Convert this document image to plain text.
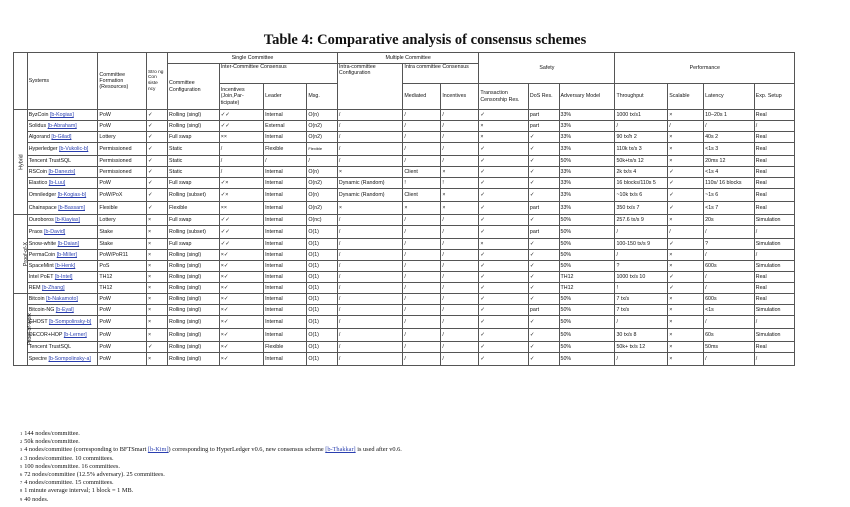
Table 4: Comparative analysis of consensus schemes
	Systems	Committee Formation (Resources)	Stro ng Con siste ncy	Single Committee				Multiple Committee			Safety			Performance			
				Committee Configuration	Inter-Committee Consensus			Intra-committee Configuration	Intra committee Consensus								
					Incentives (Join,Par- ticipate)	Leader	Msg.		Mediated	Incentives	Transaction Censorship Res.	DoS Res.	Adversary Model	Throughput	Scalable	Latency	Exp. Setup
Hybrid	ByzCoin [b-Kogias]	PoW	✓	Rolling (singl)	✓✓	Internal	O(n)	/	/	/	✓	part	33%	1000 tx/s1	×	10–20s 1	Real
	Solidus [b-Abraham]	PoW	✓	Rolling (singl)	✓✓	External	O(n2)	/	/	/	×	part	33%	/	/	/	/
	Algorand [b-Gilad]	Lottery	✓	Full swap	××	Internal	O(n2)	/	/	/	×	✓	33%	90 tx/h 2	×	40s 2	Real
	Hyperledger [b-Vukolic-b]	Permissioned	✓	Static	/	Flexible	Flexible	/	/	/	✓	✓	33%	110k tx/s 3	×	<1s 3	Real
	Tencent TrustSQL	Permissioned	✓	Static	/	/	/	/	/	/	✓	✓	50%	50k+tx/s 12	×	20ms 12	Real
	RSCoin [b-Danezis]	Permissioned	✓	Static	/	Internal	O(n)	×	Client	×	✓	✓	33%	2k tx/s 4	✓	<1s 4	Real
	Elastico [b-Luu]	PoW	✓	Full swap	✓×	Internal	O(n2)	Dynamic (Random)	!	!	✓	✓	33%	16 blocks/110s 5	✓	110s/ 16 blocks	Real
	Omniledger [b-Kogias-b]	PoW/PoX	✓	Rolling (subset)	✓×	Internal	O(n)	Dynamic (Random)	Client	×	✓	✓	33%	~10k tx/s 6	✓	~1s 6	Real
	Chainspace [b-Bassam]	Flexible	✓	Flexible	××	Internal	O(n2)	×	×	×	✓	part	33%	350 tx/s 7	✓	<1s 7	Real
Proof-of-X	Ouroboros [b-Kiayias]	Lottery	×	Full swap	✓✓	Internal	O(nc)	/	/	/	✓	✓	50%	257.6 tx/s 9	×	20s	Simulation
	Praos [b-David]	Stake	×	Rolling (subset)	✓✓	Internal	O(1)	/	/	/	✓	part	50%	/	/	/	/
	Snow-white [b-Daian]	Stake	×	Full swap	✓✓	Internal	O(1)	/	/	/	×	✓	50%	100-150 tx/s 9	✓	?	Simulation
	PermaCoin [b-Miller]	PoW/PoR11	×	Rolling (singl)	×✓	Internal	O(1)	/	/	/	✓	✓	50%	/	×	/	/
	SpaceMint [b-Henk]	PoS	×	Rolling (singl)	×✓	Internal	O(1)	/	/	/	✓	✓	50%	?	×	600s	Simulation
	Intel PoET [b-Intel]	TH12	×	Rolling (singl)	×✓	Internal	O(1)	/	/	/	✓	✓	TH12	1000 tx/s 10	✓	/	Real
	REM [b-Zhang]	TH12	×	Rolling (singl)	×✓	Internal	O(1)	/	/	/	✓	✓	TH12	!	✓	/	Real
Proof-of-work	Bitcoin [b-Nakamoto]	PoW	×	Rolling (singl)	×✓	Internal	O(1)	/	/	/	✓	✓	50%	7 tx/s	×	600s	Real
	Bitcoin-NG [b-Eyal]	PoW	×	Rolling (singl)	×✓	Internal	O(1)	/	/	/	✓	part	50%	7 tx/s	×	<1s	Simulation
	GHOST [b-Sompolinsky-b]	PoW	×	Rolling (singl)	×✓	Internal	O(1)	/	/	/	✓	✓	50%	/	×	/	/
	DECOR+HOP [b-Lerner]	PoW	×	Rolling (singl)	×✓	Internal	O(1)	/	/	/	✓	✓	50%	30 tx/s 8	×	60s	Simulation
	Tencent TrustSQL	PoW	✓	Rolling (singl)	×✓	Flexible	O(1)	/	/	/	✓	✓	50%	50k+ tx/s 12	×	50ms	Real
	Spectre [b-Sompolinsky-a]	PoW	×	Rolling (singl)	×✓	Internal	O(1)	/	/	/	✓	✓	50%	/	×	/	/
1 144 nodes/committee.
2 50k nodes/committee.
3 4 nodes/committee (corresponding to BFTSmart [b-Kim]) corresponding to HyperLedger v0.6, new consensus scheme [b-Thakkar] is used after v0.6.
4 3 nodes/committee. 10 committees.
5 100 nodes/committee. 16 committees.
6 72 nodes/committee (12.5% adversary). 25 committees.
7 4 nodes/committee. 15 committees.
8 1 minute average interval; 1 block = 1 MB.
9 40 nodes.
